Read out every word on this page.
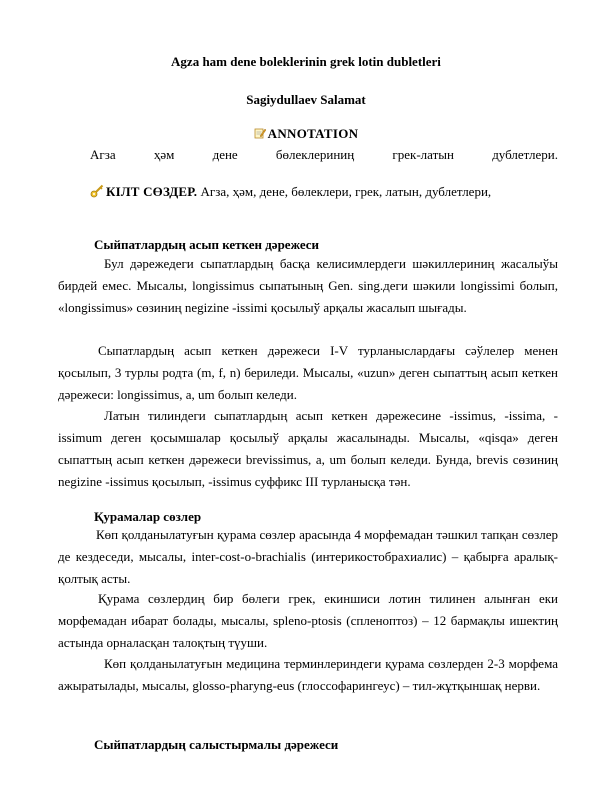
Agza ham dene boleklerinin grek lotin dubletleri
Sagiydullaev Salamat
ANNOTATION
Агза	ҳәм	дене	бөлеклериниң	грек-латын	дублетлери.
КІЛТ СӨЗДЕР. Агза, ҳәм, дене, бөлеклери, грек, латын, дублетлери,
Сыйпатлардың асып кеткен дәрежеси

Бул дәрежедеги сыпатлардың басқа келисимлердеги шәкиллериниң жасалыўы бирдей емес. Мысалы, longissimus сыпатының Gen. sing.деги шәкили longissimi болып, «longissimus» сөзиниң negizine -issimi қосылыў арқалы жасалып шығады.

Сыпатлардың асып кеткен дәрежеси I-V турланыслардағы сәўлелер менен қосылып, 3 турлы родта (m, f, n) бериледи. Мысалы, «uzun» деген сыпаттың асып кеткен дәрежеси: longissimus, a, um болып келеди.

Латын тилиндеги сыпатлардың асып кеткен дәрежесине -issimus, -issima, -issimum деген қосымшалар қосылыў арқалы жасалынады. Мысалы, «qisqa» деген сыпаттың асып кеткен дәрежеси brevissimus, a, um болып келеди. Бунда, brevis сөзиниң negizine -issimus қосылып, -issimus суффикс III турланысқа тән.

Қурамалар сөзлер

Көп қолданылатуғын қурама сөзлер арасында 4 морфемадан тәшкил тапқан сөзлер де кездеседи, мысалы, inter-cost-o-brachialis (интерикостобрахиалис) – қабырға аралық-қолтық асты.

Қурама сөзлердиң бир бөлеги грек, екиншиси лотин тилинен алынған еки морфемадан ибарат болады, мысалы, spleno-ptosis (спленоптоз) – 12 бармақлы ишектиң астында орналасқан талоқтың түуши.

Көп қолданылатуғын медицина терминлериндеги қурама сөзлерден 2-3 морфема ажыратылады, мысалы, glosso-pharyng-eus (глоссофарингеус) – тил-жұтқыншақ нерви.

Сыйпатлардың салыстырмалы дәрежеси
